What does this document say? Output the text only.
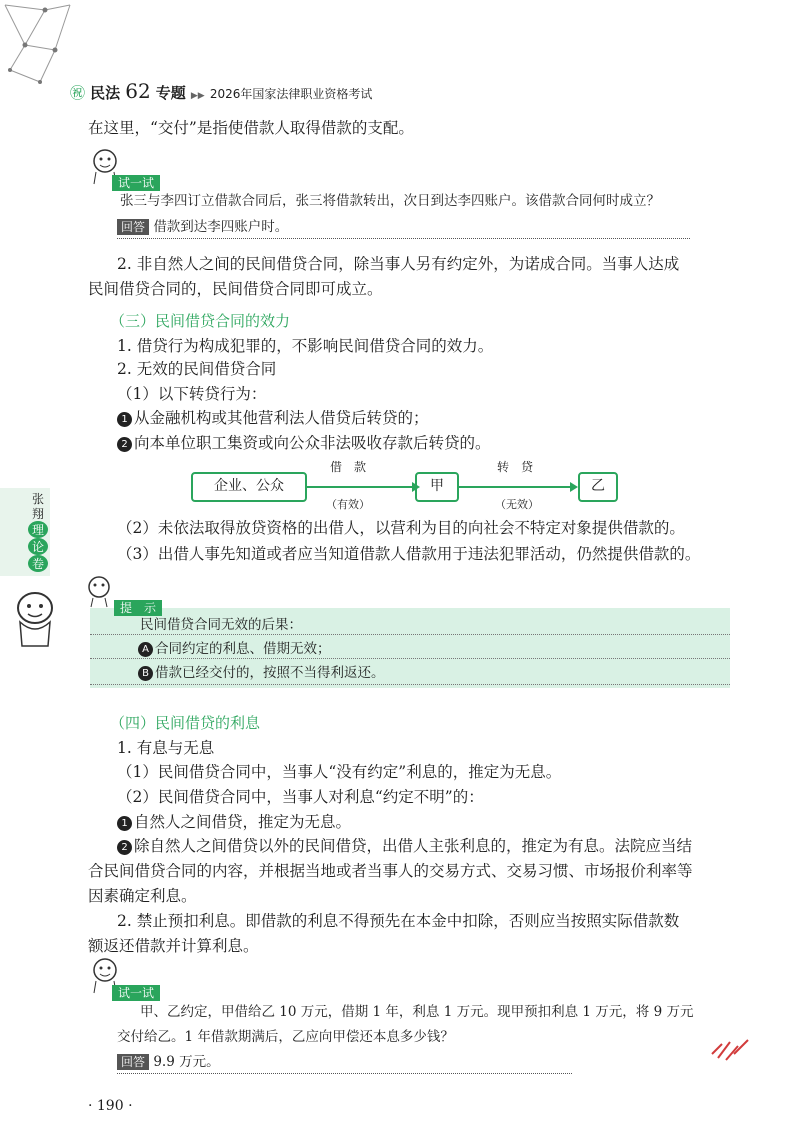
㊗ 民法 62 专题 ▶▶ 2026年国家法律职业资格考试
在这里，“交付”是指使借款人取得借款的支配。
试一试
张三与李四订立借款合同后，张三将借款转出，次日到达李四账户。该借款合同何时成立？
回答 借款到达李四账户时。
2. 非自然人之间的民间借贷合同，除当事人另有约定外，为诺成合同。当事人达成
民间借贷合同的，民间借贷合同即可成立。
（三）民间借贷合同的效力
1. 借贷行为构成犯罪的，不影响民间借贷合同的效力。
2. 无效的民间借贷合同
（1）以下转贷行为：
1 从金融机构或其他营利法人借贷后转贷的；
2 向本单位职工集资或向公众非法吸收存款后转贷的。
企业、公众	甲	乙
借　款
（有效）
转　贷
（无效）
（2）未依法取得放贷资格的出借人，以营利为目的向社会不特定对象提供借款的。
（3）出借人事先知道或者应当知道借款人借款用于违法犯罪活动，仍然提供借款的。
张
翔
理
论
卷
提　示
民间借贷合同无效的后果：
A 合同约定的利息、借期无效；
B 借款已经交付的，按照不当得利返还。
（四）民间借贷的利息
1. 有息与无息
（1）民间借贷合同中，当事人“没有约定”利息的，推定为无息。
（2）民间借贷合同中，当事人对利息“约定不明”的：
1 自然人之间借贷，推定为无息。
2 除自然人之间借贷以外的民间借贷，出借人主张利息的，推定为有息。法院应当结
合民间借贷合同的内容，并根据当地或者当事人的交易方式、交易习惯、市场报价利率等
因素确定利息。
2. 禁止预扣利息。即借款的利息不得预先在本金中扣除，否则应当按照实际借款数
额返还借款并计算利息。
试一试
甲、乙约定，甲借给乙 10 万元，借期 1 年，利息 1 万元。现甲预扣利息 1 万元，将 9 万元
交付给乙。1 年借款期满后，乙应向甲偿还本息多少钱？
回答 9.9 万元。
· 190 ·
